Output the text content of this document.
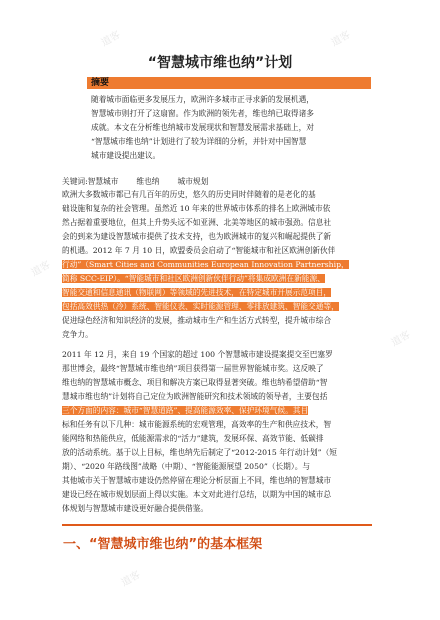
道客	道客
道客
道客
道客
“智慧城市维也纳”计划
摘要
随着城市面临更多发展压力，欧洲许多城市正寻求新的发展机遇，
智慧城市则打开了这扇窗。作为欧洲的领先者，维也纳已取得诸多
成就。本文在分析维也纳城市发展现状和智慧发展需求基础上，对
“智慧城市维也纳”计划进行了较为详细的分析，并针对中国智慧
城市建设提出建议。
关键词:智慧城市 维也纳 城市规划
欧洲大多数城市都已有几百年的历史，悠久的历史同时伴随着的是老化的基
础设施和复杂的社会管理。虽然近 10 年来的世界城市体系的排名上欧洲城市依
然占据着重要地位，但其上升势头远不如亚洲、北美等地区的城市强劲。信息社
会的到来为建设智慧城市提供了技术支持，也为欧洲城市的复兴和崛起提供了新
的机遇。2012 年 7 月 10 日，欧盟委员会启动了“智能城市和社区欧洲创新伙伴
行动”（Smart Cities and Communities European Innovation Partnership，
简称 SCC-EIP）。“智能城市和社区欧洲创新伙伴行动”将集成欧洲在新能源、
智能交通和信息通讯（物联网）等领域的先进技术，在特定城市开展示范项目，
包括高效供热（冷）系统、智能仪表、实时能源管理、零排放建筑、智能交通等，
促进绿色经济和知识经济的发展，推动城市生产和生活方式转型，提升城市综合
竞争力。
2011 年 12 月，来自 19 个国家的超过 100 个智慧城市建设提案提交至巴塞罗
那世博会，最终“智慧城市维也纳”项目获得第一届世界智能城市奖。这反映了
维也纳的智慧城市概念、项目和解决方案已取得显著突破。维也纳希望借助“智
慧城市维也纳”计划将自己定位为欧洲智能研究和技术领域的领导者，主要包括
三个方面的内容：城市“智慧道路”、提高能源效率、保护环境气候。其目
标和任务有以下几种：城市能源系统的宏观管理，高效率的生产和供应技术，智
能网络和热能供应，低能源需求的“活力”建筑，发展环保、高效节能、低碳排
放的活动系统。基于以上目标，维也纳先后制定了“2012-2015 年行动计划”（短
期）、“2020 年路线图”战略（中期）、“智能能源展望 2050”（长期）。与
其他城市关于智慧城市建设仍然停留在理论分析层面上不同，维也纳的智慧城市
建设已经在城市规划层面上得以实施。本文对此进行总结，以期为中国的城市总
体规划与智慧城市建设更好融合提供借鉴。
一、“智慧城市维也纳”的基本框架
